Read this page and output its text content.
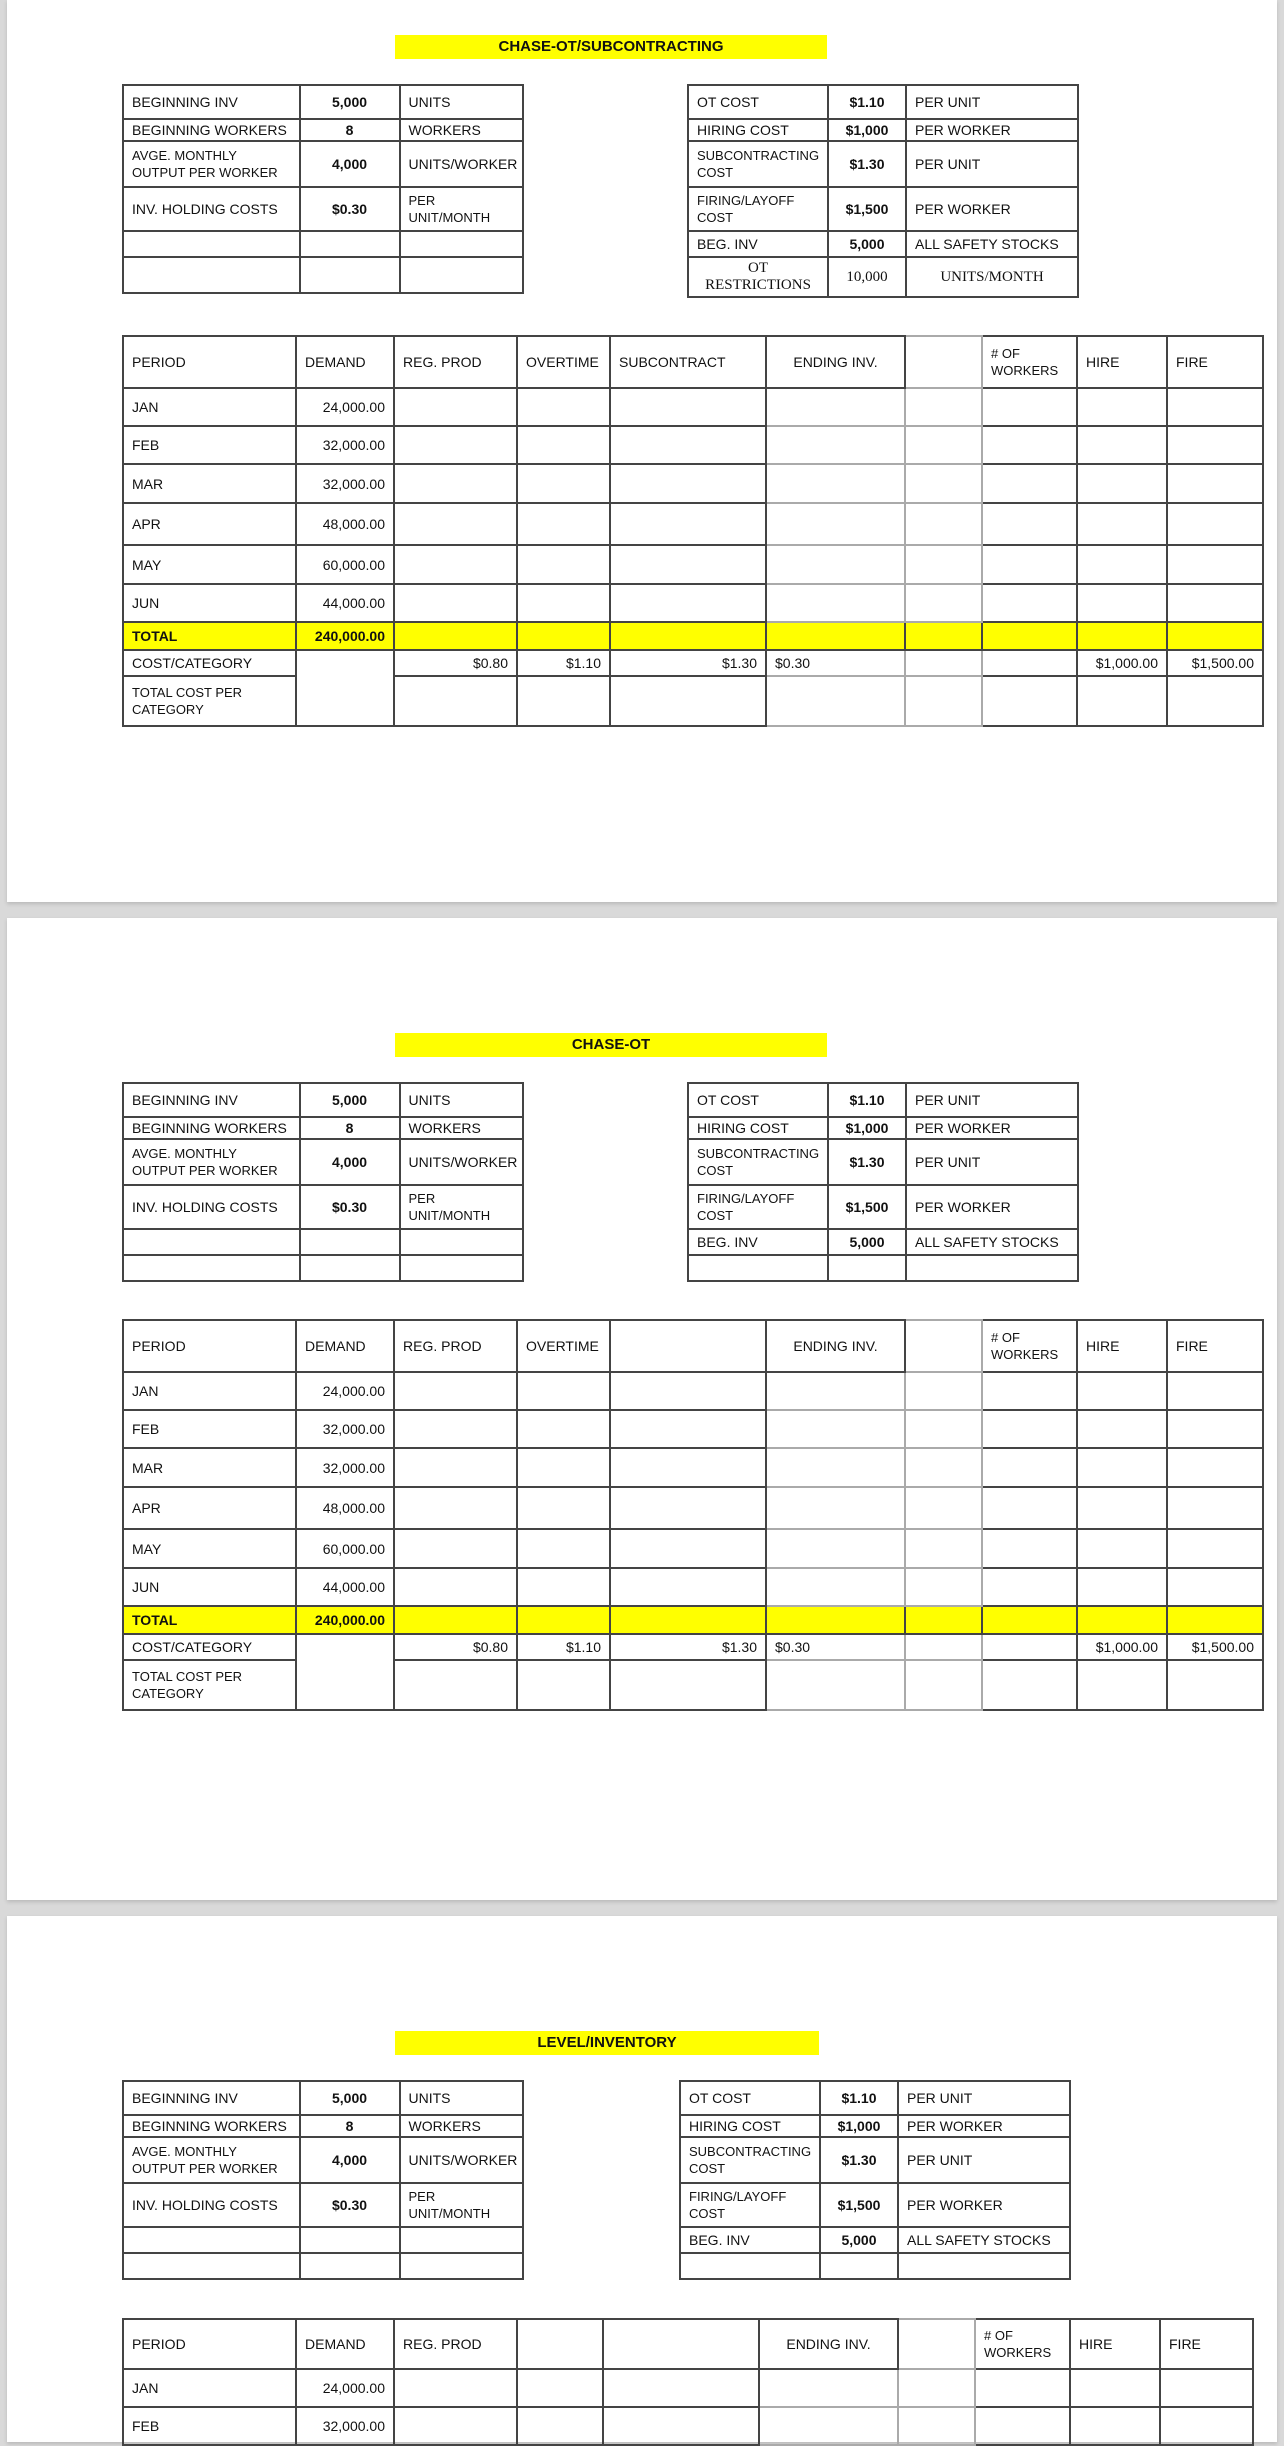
CHASE-OT/SUBCONTRACTING
BEGINNING INV	5,000	UNITS
BEGINNING WORKERS	8	WORKERS
AVGE. MONTHLY OUTPUT PER WORKER	4,000	UNITS/WORKER
INV. HOLDING COSTS	$0.30	PER UNIT/MONTH

OT COST	$1.10	PER UNIT
HIRING COST	$1,000	PER WORKER
SUBCONTRACTING COST	$1.30	PER UNIT
FIRING/LAYOFF COST	$1,500	PER WORKER
BEG. INV	5,000	ALL SAFETY STOCKS
OT RESTRICTIONS	10,000	UNITS/MONTH
PERIOD	DEMAND	REG. PROD	OVERTIME	SUBCONTRACT	ENDING INV.		# OF WORKERS	HIRE	FIRE
JAN	24,000.00								
FEB	32,000.00								
MAR	32,000.00								
APR	48,000.00								
MAY	60,000.00								
JUN	44,000.00								
TOTAL	240,000.00								
COST/CATEGORY		$0.80	$1.10	$1.30	$0.30			$1,000.00	$1,500.00
TOTAL COST PER CATEGORY									
CHASE-OT
BEGINNING INV	5,000	UNITS
BEGINNING WORKERS	8	WORKERS
AVGE. MONTHLY OUTPUT PER WORKER	4,000	UNITS/WORKER
INV. HOLDING COSTS	$0.30	PER UNIT/MONTH

OT COST	$1.10	PER UNIT
HIRING COST	$1,000	PER WORKER
SUBCONTRACTING COST	$1.30	PER UNIT
FIRING/LAYOFF COST	$1,500	PER WORKER
BEG. INV	5,000	ALL SAFETY STOCKS

PERIOD	DEMAND	REG. PROD	OVERTIME		ENDING INV.		# OF WORKERS	HIRE	FIRE
JAN	24,000.00								
FEB	32,000.00								
MAR	32,000.00								
APR	48,000.00								
MAY	60,000.00								
JUN	44,000.00								
TOTAL	240,000.00								
COST/CATEGORY		$0.80	$1.10	$1.30	$0.30			$1,000.00	$1,500.00
TOTAL COST PER CATEGORY									
LEVEL/INVENTORY
BEGINNING INV	5,000	UNITS
BEGINNING WORKERS	8	WORKERS
AVGE. MONTHLY OUTPUT PER WORKER	4,000	UNITS/WORKER
INV. HOLDING COSTS	$0.30	PER UNIT/MONTH

OT COST	$1.10	PER UNIT
HIRING COST	$1,000	PER WORKER
SUBCONTRACTING COST	$1.30	PER UNIT
FIRING/LAYOFF COST	$1,500	PER WORKER
BEG. INV	5,000	ALL SAFETY STOCKS

PERIOD	DEMAND	REG. PROD			ENDING INV.		# OF WORKERS	HIRE	FIRE
JAN	24,000.00								
FEB	32,000.00								
